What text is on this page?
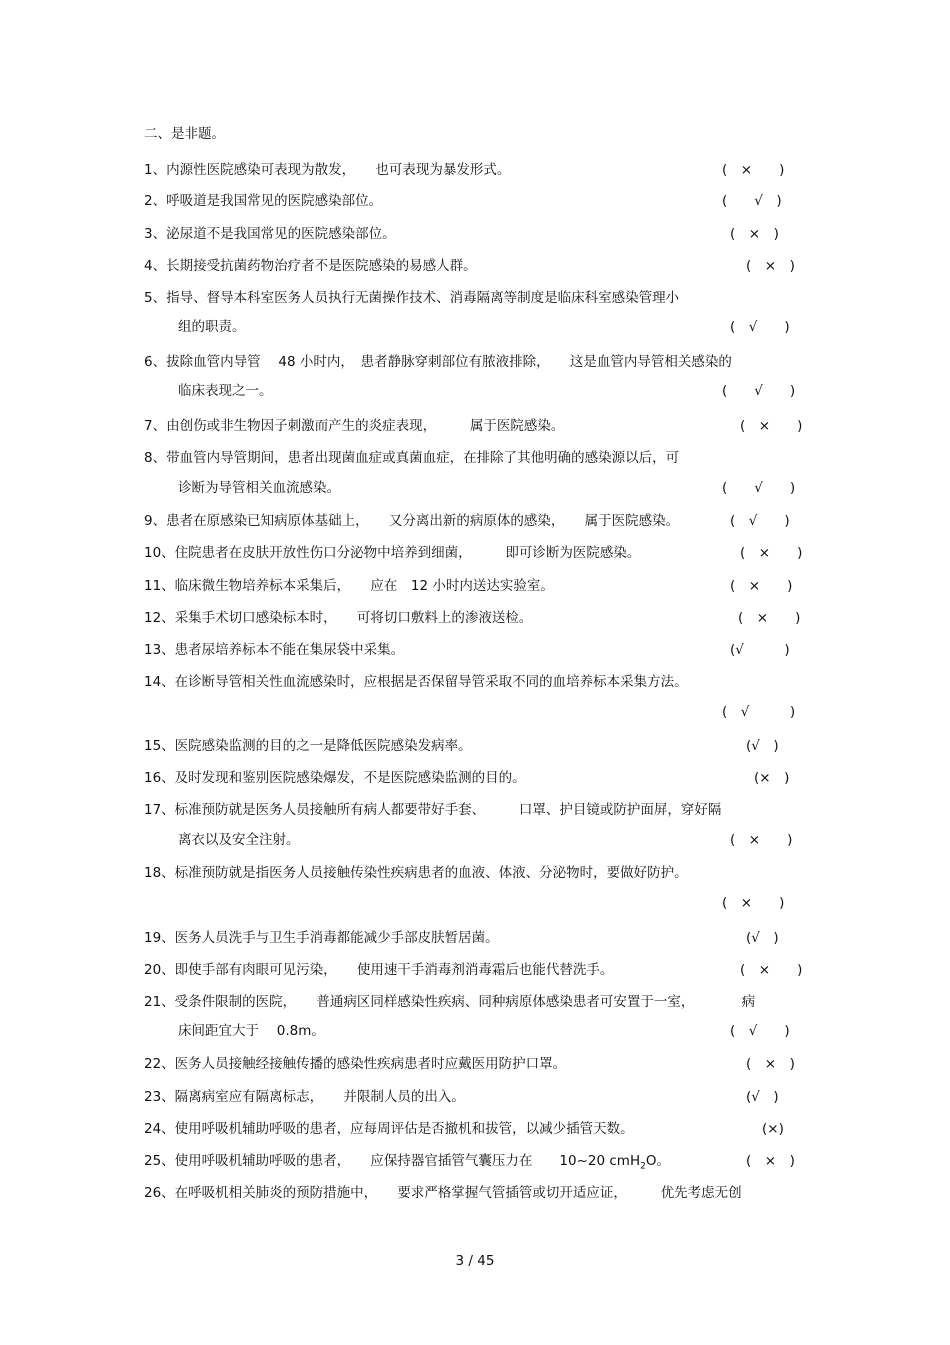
二、是非题。
1、内源性医院感染可表现为散发，　　也可表现为暴发形式。	(　×　　)
2、呼吸道是我国常见的医院感染部位。	(　　√　)
3、泌尿道不是我国常见的医院感染部位。	(　×　)
4、长期接受抗菌药物治疗者不是医院感染的易感人群。	(　×　)
5、指导、督导本科室医务人员执行无菌操作技术、消毒隔离等制度是临床科室感染管理小
组的职责。	(　√　　)
6、拔除血管内导管　 48 小时内，　患者静脉穿刺部位有脓液排除，　　这是血管内导管相关感染的
临床表现之一。	(　　√　　)
7、由创伤或非生物因子刺激而产生的炎症表现，　　　属于医院感染。	(　×　　)
8、带血管内导管期间，患者出现菌血症或真菌血症，在排除了其他明确的感染源以后，可
诊断为导管相关血流感染。	(　　√　　)
9、患者在原感染已知病原体基础上，　　又分离出新的病原体的感染，　　属于医院感染。	(　√　　)
10、住院患者在皮肤开放性伤口分泌物中培养到细菌，　　　即可诊断为医院感染。	(　×　　)
11、临床微生物培养标本采集后，　　应在　12 小时内送达实验室。	(　×　　)
12、采集手术切口感染标本时，　　可将切口敷料上的渗液送检。	(　×　　)
13、患者尿培养标本不能在集尿袋中采集。	(√　　　)
14、在诊断导管相关性血流感染时，应根据是否保留导管采取不同的血培养标本采集方法。
(　√　　　)
15、医院感染监测的目的之一是降低医院感染发病率。	(√　)
16、及时发现和鉴别医院感染爆发，不是医院感染监测的目的。	(×　)
17、标准预防就是医务人员接触所有病人都要带好手套、　　　口罩、护目镜或防护面屏，穿好隔
离衣以及安全注射。	(　×　　)
18、标准预防就是指医务人员接触传染性疾病患者的血液、体液、分泌物时，要做好防护。
(　×　　)
19、医务人员洗手与卫生手消毒都能减少手部皮肤暂居菌。	(√　)
20、即使手部有肉眼可见污染，　　使用速干手消毒剂消毒霜后也能代替洗手。	(　×　　)
21、受条件限制的医院，　　普通病区同样感染性疾病、同种病原体感染患者可安置于一室，　　　　病
床间距宜大于　 0.8m。	(　√　　)
22、医务人员接触经接触传播的感染性疾病患者时应戴医用防护口罩。	(　×　)
23、隔离病室应有隔离标志，　　并限制人员的出入。	(√　)
24、使用呼吸机辅助呼吸的患者，应每周评估是否撤机和拔管，以减少插管天数。	(×)
25、使用呼吸机辅助呼吸的患者，　　应保持器官插管气囊压力在　　10~20 cmH$_2$O。	(　×　)
26、在呼吸机相关肺炎的预防措施中，　　要求严格掌握气管插管或切开适应证，　　　优先考虑无创
3 / 45
